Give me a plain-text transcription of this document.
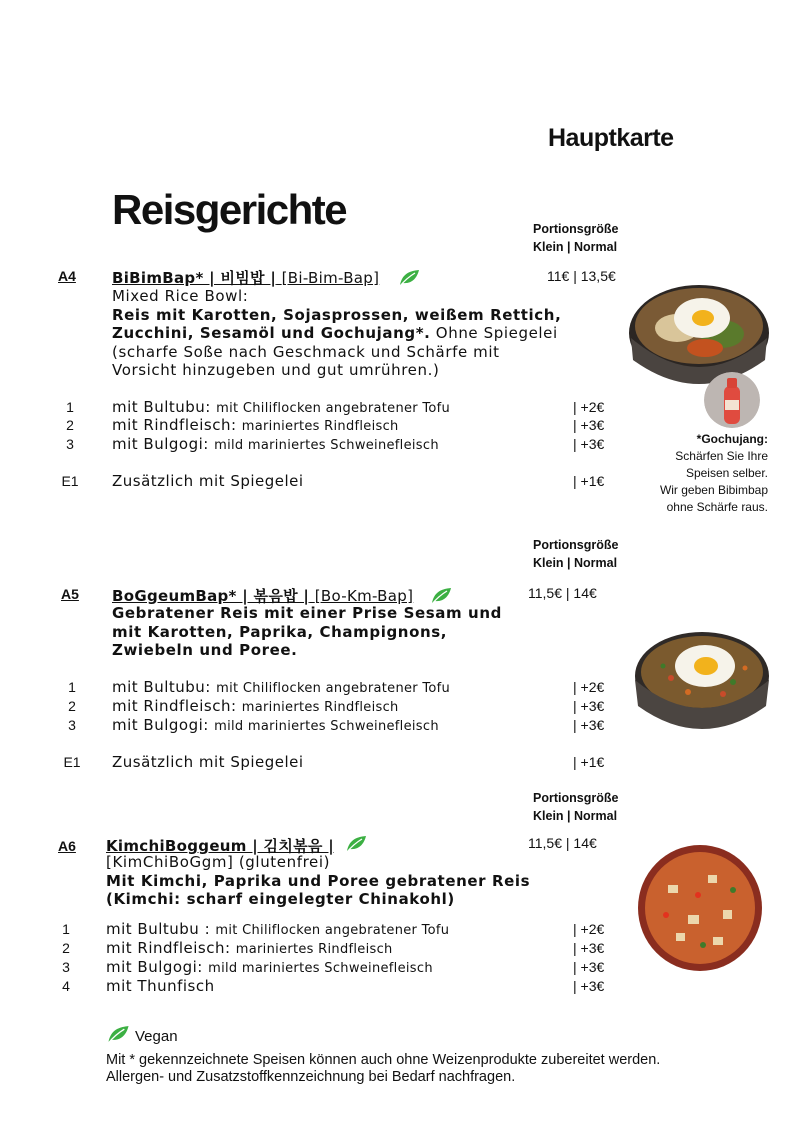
Hauptkarte
Reisgerichte	Portionsgröße
Klein | Normal
Portionsgröße
Klein | Normal
Portionsgröße
Klein | Normal
A4 BiBimBap* | 비빔밥 | [Bi-Bim-Bap]	11€ | 13,5€
Mixed Rice Bowl:
Reis mit Karotten, Sojasprossen, weißem Rettich,
Zucchini, Sesamöl und Gochujang*. Ohne Spiegelei
(scharfe Soße nach Geschmack und Schärfe mit
Vorsicht hinzugeben und gut umrühren.)
1	mit Bultubu: mit Chiliflocken angebratener Tofu	| +2€
2	mit Rindfleisch: mariniertes Rindfleisch	| +3€
3	mit Bulgogi: mild mariniertes Schweinefleisch	| +3€
E1 Zusätzlich mit Spiegelei	| +1€
*Gochujang:
Schärfen Sie Ihre
Speisen selber.
Wir geben Bibimbap
ohne Schärfe raus.
A5 BoGgeumBap* | 볶음밥 | [Bo-Km-Bap]	11,5€ | 14€
Gebratener Reis mit einer Prise Sesam und
mit Karotten, Paprika, Champignons,
Zwiebeln und Poree.
1	mit Bultubu: mit Chiliflocken angebratener Tofu	| +2€
2	mit Rindfleisch: mariniertes Rindfleisch	| +3€
3	mit Bulgogi: mild mariniertes Schweinefleisch	| +3€
E1 Zusätzlich mit Spiegelei	| +1€
A6 KimchiBoggeum | 김치볶음 |	11,5€ | 14€
[KimChiBoGgm] (glutenfrei)
Mit Kimchi, Paprika und Poree gebratener Reis
(Kimchi: scharf eingelegter Chinakohl)
1	mit Bultubu : mit Chiliflocken angebratener Tofu	| +2€
2	mit Rindfleisch: mariniertes Rindfleisch	| +3€
3	mit Bulgogi: mild mariniertes Schweinefleisch	| +3€
4	mit Thunfisch	| +3€
Vegan
Mit * gekennzeichnete Speisen können auch ohne Weizenprodukte zubereitet werden.
Allergen- und Zusatzstoffkennzeichnung bei Bedarf nachfragen.
